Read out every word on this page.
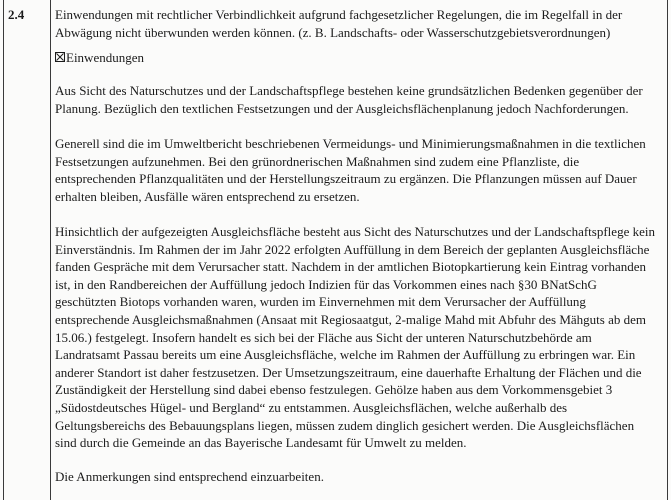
2.4 Einwendungen mit rechtlicher Verbindlichkeit aufgrund fachgesetzlicher Regelungen, die im Regelfall in der
Abwägung nicht überwunden werden können. (z. B. Landschafts- oder Wasserschutzgebietsverordnungen)
Einwendungen
Aus Sicht des Naturschutzes und der Landschaftspflege bestehen keine grundsätzlichen Bedenken gegenüber der
Planung. Bezüglich den textlichen Festsetzungen und der Ausgleichsflächenplanung jedoch Nachforderungen.
Generell sind die im Umweltbericht beschriebenen Vermeidungs- und Minimierungsmaßnahmen in die textlichen
Festsetzungen aufzunehmen. Bei den grünordnerischen Maßnahmen sind zudem eine Pflanzliste, die
entsprechenden Pflanzqualitäten und der Herstellungszeitraum zu ergänzen. Die Pflanzungen müssen auf Dauer
erhalten bleiben, Ausfälle wären entsprechend zu ersetzen.
Hinsichtlich der aufgezeigten Ausgleichsfläche besteht aus Sicht des Naturschutzes und der Landschaftspflege kein
Einverständnis. Im Rahmen der im Jahr 2022 erfolgten Auffüllung in dem Bereich der geplanten Ausgleichsfläche
fanden Gespräche mit dem Verursacher statt. Nachdem in der amtlichen Biotopkartierung kein Eintrag vorhanden
ist, in den Randbereichen der Auffüllung jedoch Indizien für das Vorkommen eines nach §30 BNatSchG
geschützten Biotops vorhanden waren, wurden im Einvernehmen mit dem Verursacher der Auffüllung
entsprechende Ausgleichsmaßnahmen (Ansaat mit Regiosaatgut, 2-malige Mahd mit Abfuhr des Mähguts ab dem
15.06.) festgelegt. Insofern handelt es sich bei der Fläche aus Sicht der unteren Naturschutzbehörde am
Landratsamt Passau bereits um eine Ausgleichsfläche, welche im Rahmen der Auffüllung zu erbringen war. Ein
anderer Standort ist daher festzusetzen. Der Umsetzungszeitraum, eine dauerhafte Erhaltung der Flächen und die
Zuständigkeit der Herstellung sind dabei ebenso festzulegen. Gehölze haben aus dem Vorkommensgebiet 3
„Südostdeutsches Hügel- und Bergland“ zu entstammen. Ausgleichsflächen, welche außerhalb des
Geltungsbereichs des Bebauungsplans liegen, müssen zudem dinglich gesichert werden. Die Ausgleichsflächen
sind durch die Gemeinde an das Bayerische Landesamt für Umwelt zu melden.
Die Anmerkungen sind entsprechend einzuarbeiten.
